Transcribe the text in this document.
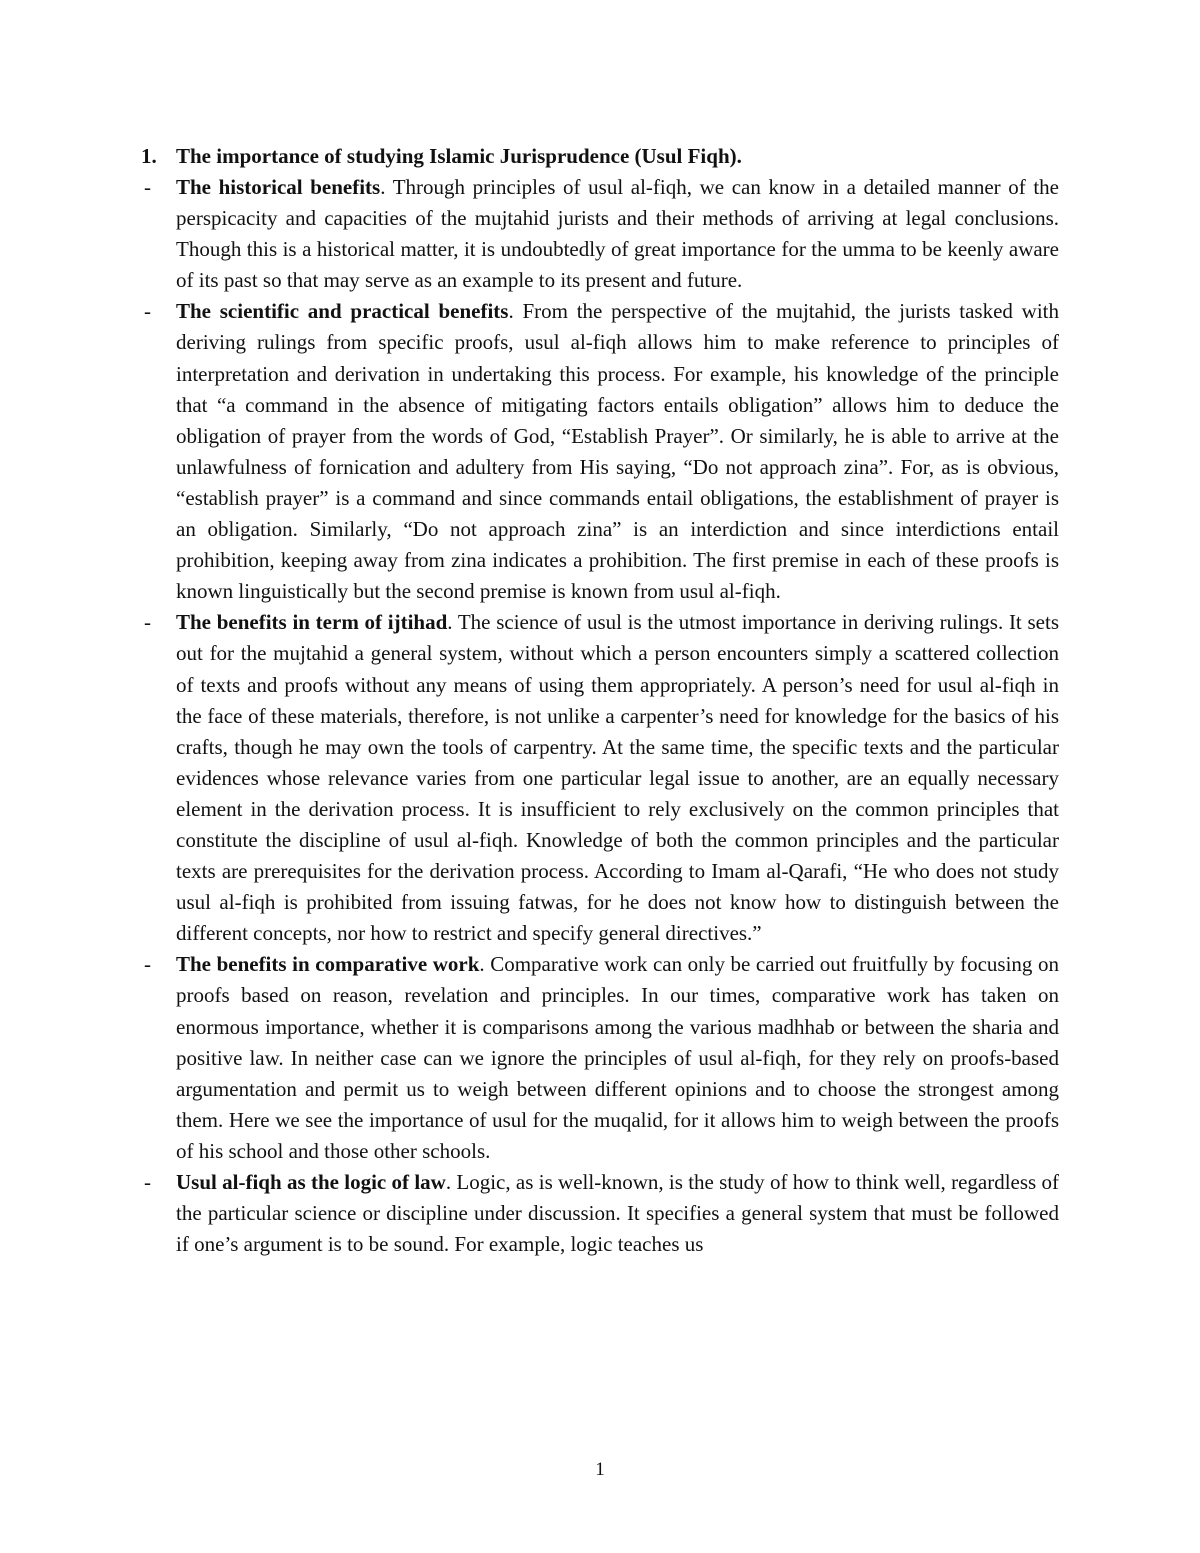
1. The importance of studying Islamic Jurisprudence (Usul Fiqh).
- The historical benefits. Through principles of usul al-fiqh, we can know in a detailed manner of the perspicacity and capacities of the mujtahid jurists and their methods of arriving at legal conclusions. Though this is a historical matter, it is undoubtedly of great importance for the umma to be keenly aware of its past so that may serve as an example to its present and future.
- The scientific and practical benefits. From the perspective of the mujtahid, the jurists tasked with deriving rulings from specific proofs, usul al-fiqh allows him to make reference to principles of interpretation and derivation in undertaking this process. For example, his knowledge of the principle that “a command in the absence of mitigating factors entails obligation” allows him to deduce the obligation of prayer from the words of God, “Establish Prayer”. Or similarly, he is able to arrive at the unlawfulness of fornication and adultery from His saying, “Do not approach zina”. For, as is obvious, “establish prayer” is a command and since commands entail obligations, the establishment of prayer is an obligation. Similarly, “Do not approach zina” is an interdiction and since interdictions entail prohibition, keeping away from zina indicates a prohibition. The first premise in each of these proofs is known linguistically but the second premise is known from usul al-fiqh.
- The benefits in term of ijtihad. The science of usul is the utmost importance in deriving rulings. It sets out for the mujtahid a general system, without which a person encounters simply a scattered collection of texts and proofs without any means of using them appropriately. A person’s need for usul al-fiqh in the face of these materials, therefore, is not unlike a carpenter’s need for knowledge for the basics of his crafts, though he may own the tools of carpentry. At the same time, the specific texts and the particular evidences whose relevance varies from one particular legal issue to another, are an equally necessary element in the derivation process. It is insufficient to rely exclusively on the common principles that constitute the discipline of usul al-fiqh. Knowledge of both the common principles and the particular texts are prerequisites for the derivation process. According to Imam al-Qarafi, “He who does not study usul al-fiqh is prohibited from issuing fatwas, for he does not know how to distinguish between the different concepts, nor how to restrict and specify general directives.”
- The benefits in comparative work. Comparative work can only be carried out fruitfully by focusing on proofs based on reason, revelation and principles. In our times, comparative work has taken on enormous importance, whether it is comparisons among the various madhhab or between the sharia and positive law. In neither case can we ignore the principles of usul al-fiqh, for they rely on proofs-based argumentation and permit us to weigh between different opinions and to choose the strongest among them. Here we see the importance of usul for the muqalid, for it allows him to weigh between the proofs of his school and those other schools.
- Usul al-fiqh as the logic of law. Logic, as is well-known, is the study of how to think well, regardless of the particular science or discipline under discussion. It specifies a general system that must be followed if one’s argument is to be sound. For example, logic teaches us
1
